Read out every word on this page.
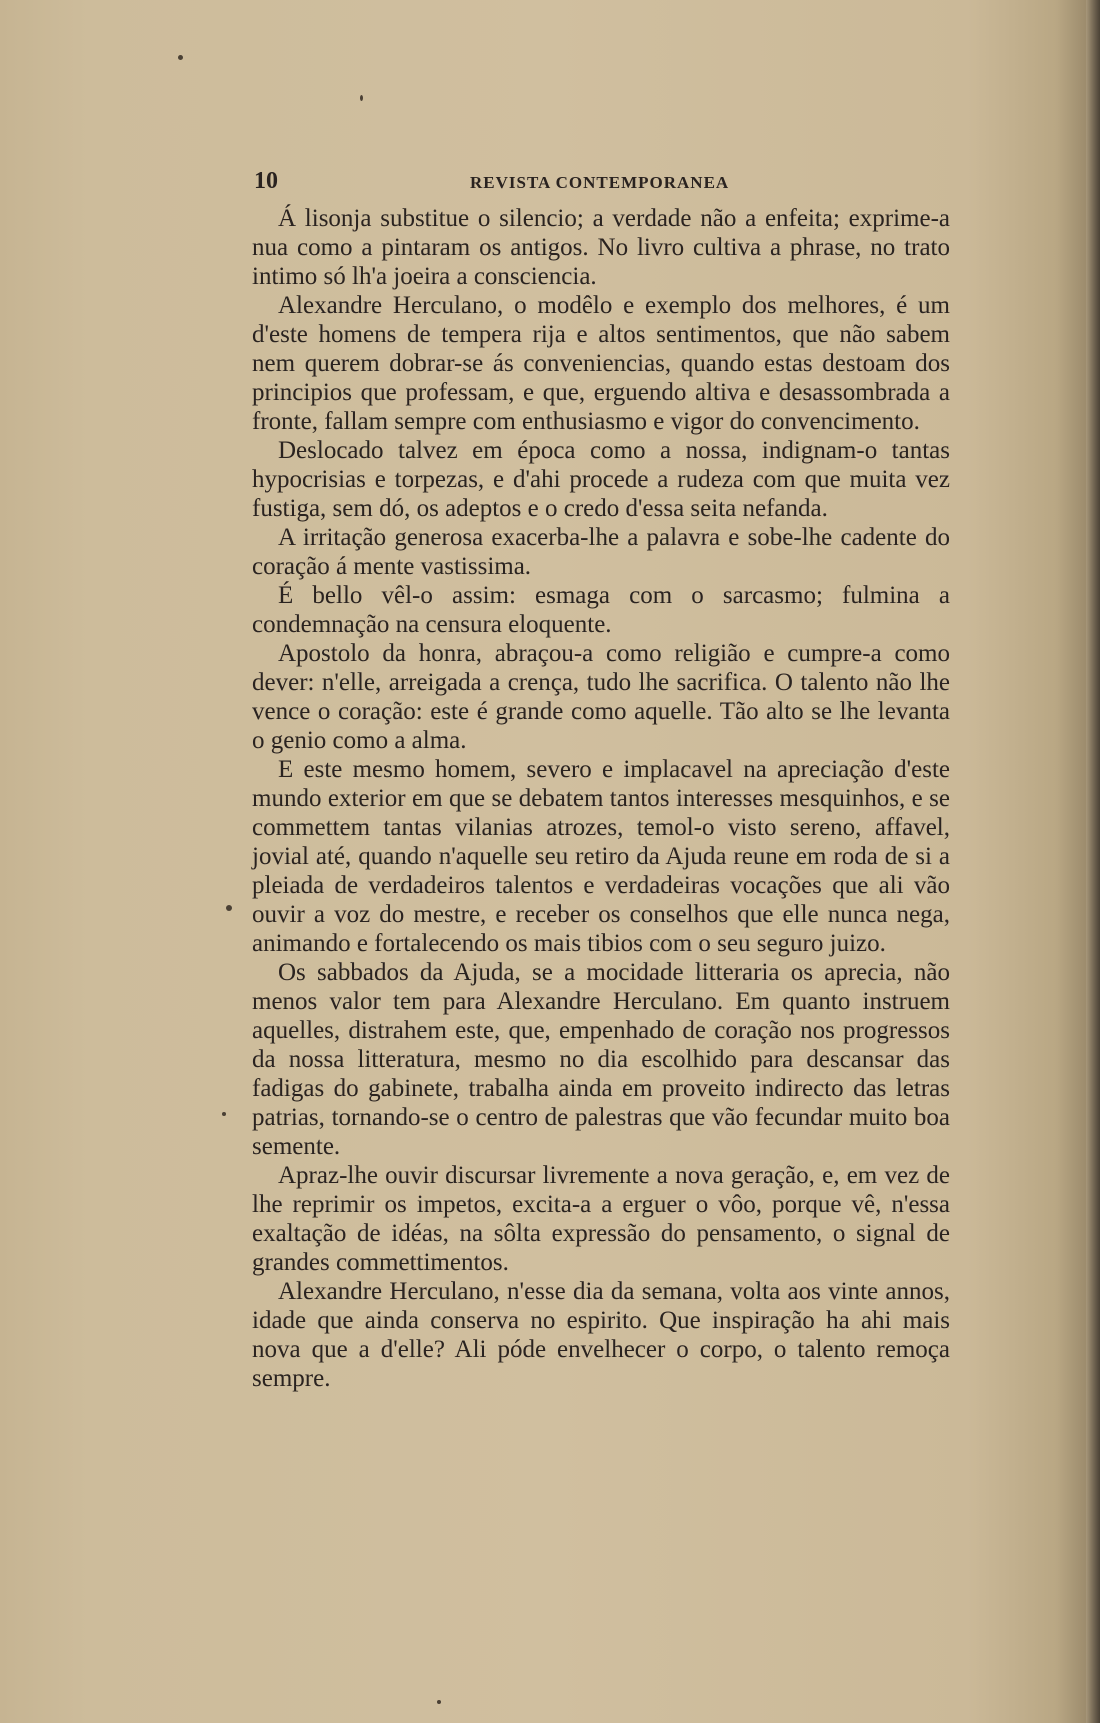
10	REVISTA CONTEMPORANEA

Á lisonja substitue o silencio; a verdade não a enfeita; exprime-a nua como a pintaram os antigos. No livro cultiva a phrase, no trato intimo só lh'a joeira a consciencia.

Alexandre Herculano, o modêlo e exemplo dos melhores, é um d'este homens de tempera rija e altos sentimentos, que não sabem nem querem dobrar-se ás conveniencias, quando estas destoam dos principios que professam, e que, erguendo altiva e desassombrada a fronte, fallam sempre com enthusiasmo e vigor do convencimento.

Deslocado talvez em época como a nossa, indignam-o tantas hypocrisias e torpezas, e d'ahi procede a rudeza com que muita vez fustiga, sem dó, os adeptos e o credo d'essa seita nefanda.

A irritação generosa exacerba-lhe a palavra e sobe-lhe cadente do coração á mente vastissima.

É bello vêl-o assim: esmaga com o sarcasmo; fulmina a condemnação na censura eloquente.

Apostolo da honra, abraçou-a como religião e cumpre-a como dever: n'elle, arreigada a crença, tudo lhe sacrifica. O talento não lhe vence o coração: este é grande como aquelle. Tão alto se lhe levanta o genio como a alma.

E este mesmo homem, severo e implacavel na apreciação d'este mundo exterior em que se debatem tantos interesses mesquinhos, e se commettem tantas vilanias atrozes, temol-o visto sereno, affavel, jovial até, quando n'aquelle seu retiro da Ajuda reune em roda de si a pleiada de verdadeiros talentos e verdadeiras vocações que ali vão ouvir a voz do mestre, e receber os conselhos que elle nunca nega, animando e fortalecendo os mais tibios com o seu seguro juizo.

Os sabbados da Ajuda, se a mocidade litteraria os aprecia, não menos valor tem para Alexandre Herculano. Em quanto instruem aquelles, distrahem este, que, empenhado de coração nos progressos da nossa litteratura, mesmo no dia escolhido para descansar das fadigas do gabinete, trabalha ainda em proveito indirecto das letras patrias, tornando-se o centro de palestras que vão fecundar muito boa semente.

Apraz-lhe ouvir discursar livremente a nova geração, e, em vez de lhe reprimir os impetos, excita-a a erguer o vôo, porque vê, n'essa exaltação de idéas, na sôlta expressão do pensamento, o signal de grandes commettimentos.

Alexandre Herculano, n'esse dia da semana, volta aos vinte annos, idade que ainda conserva no espirito. Que inspiração ha ahi mais nova que a d'elle? Ali póde envelhecer o corpo, o talento remoça sempre.
